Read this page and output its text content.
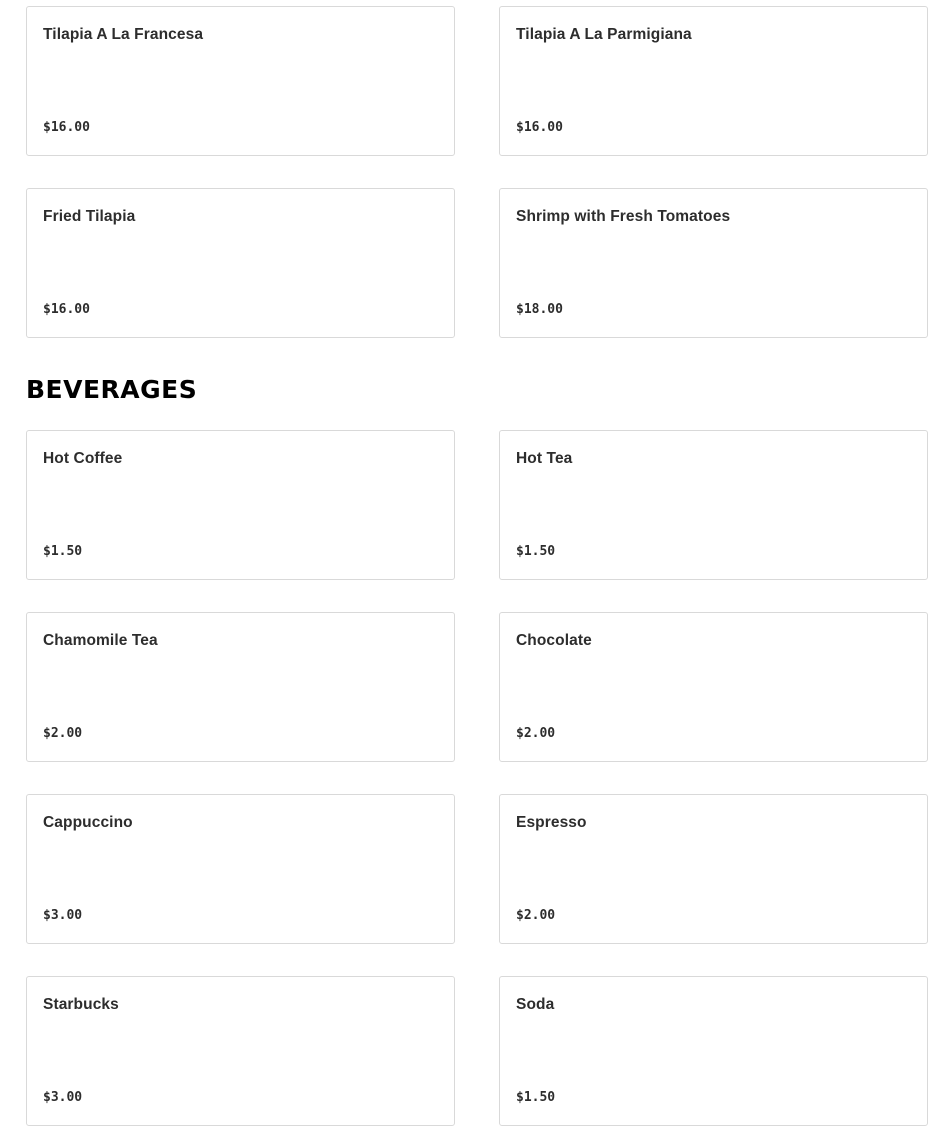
Tilapia A La Francesa
$16.00
Tilapia A La Parmigiana
$16.00
Fried Tilapia
$16.00
Shrimp with Fresh Tomatoes
$18.00
BEVERAGES
Hot Coffee
$1.50
Hot Tea
$1.50
Chamomile Tea
$2.00
Chocolate
$2.00
Cappuccino
$3.00
Espresso
$2.00
Starbucks
$3.00
Soda
$1.50
